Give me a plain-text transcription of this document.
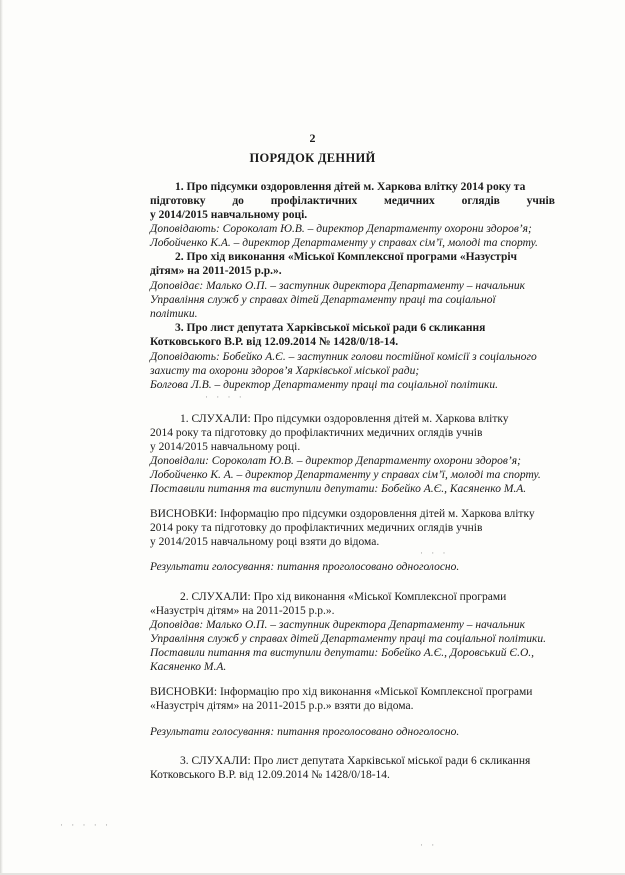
2
ПОРЯДОК ДЕННИЙ
1. Про підсумки оздоровлення дітей м. Харкова влітку 2014 року та
підготовку до профілактичних медичних оглядів учнів
у 2014/2015 навчальному році.
Доповідають: Сороколат Ю.В. – директор Департаменту охорони здоров’я;
Лобойченко К.А. – директор Департаменту у справах сім’ї, молоді та спорту.
2. Про хід виконання «Міської Комплексної програми «Назустріч
дітям» на 2011-2015 р.р.».
Доповідає: Малько О.П. – заступник директора Департаменту – начальник
Управління служб у справах дітей Департаменту праці та соціальної
політики.
3. Про лист депутата Харківської міської ради 6 скликання
Котковського В.Р. від 12.09.2014 № 1428/0/18-14.
Доповідають: Бобейко А.Є. – заступник голови постійної комісії з соціального
захисту та охорони здоров’я Харківської міської ради;
Болгова Л.В. – директор Департаменту праці та соціальної політики.
1. СЛУХАЛИ: Про підсумки оздоровлення дітей м. Харкова влітку
2014 року та підготовку до профілактичних медичних оглядів учнів
у 2014/2015 навчальному році.
Доповідали: Сороколат Ю.В. – директор Департаменту охорони здоров’я;
Лобойченко К. А. – директор Департаменту у справах сім’ї, молоді та спорту.
Поставили питання та виступили депутати: Бобейко А.Є., Касяненко М.А.
ВИСНОВКИ: Інформацію про підсумки оздоровлення дітей м. Харкова влітку
2014 року та підготовку до профілактичних медичних оглядів учнів
у 2014/2015 навчальному році взяти до відома.
Результати голосування: питання проголосовано одноголосно.
2. СЛУХАЛИ: Про хід виконання «Міської Комплексної програми
«Назустріч дітям» на 2011-2015 р.р.».
Доповідав: Малько О.П. – заступник директора Департаменту – начальник
Управління служб у справах дітей Департаменту праці та соціальної політики.
Поставили питання та виступили депутати: Бобейко А.Є., Доровський Є.О.,
Касяненко М.А.
ВИСНОВКИ: Інформацію про хід виконання «Міської Комплексної програми
«Назустріч дітям» на 2011-2015 р.р.» взяти до відома.
Результати голосування: питання проголосовано одноголосно.
3. СЛУХАЛИ: Про лист депутата Харківської міської ради 6 скликання
Котковського В.Р. від 12.09.2014 № 1428/0/18-14.
· · · ·
· · ·
· · · · ·
· ·
